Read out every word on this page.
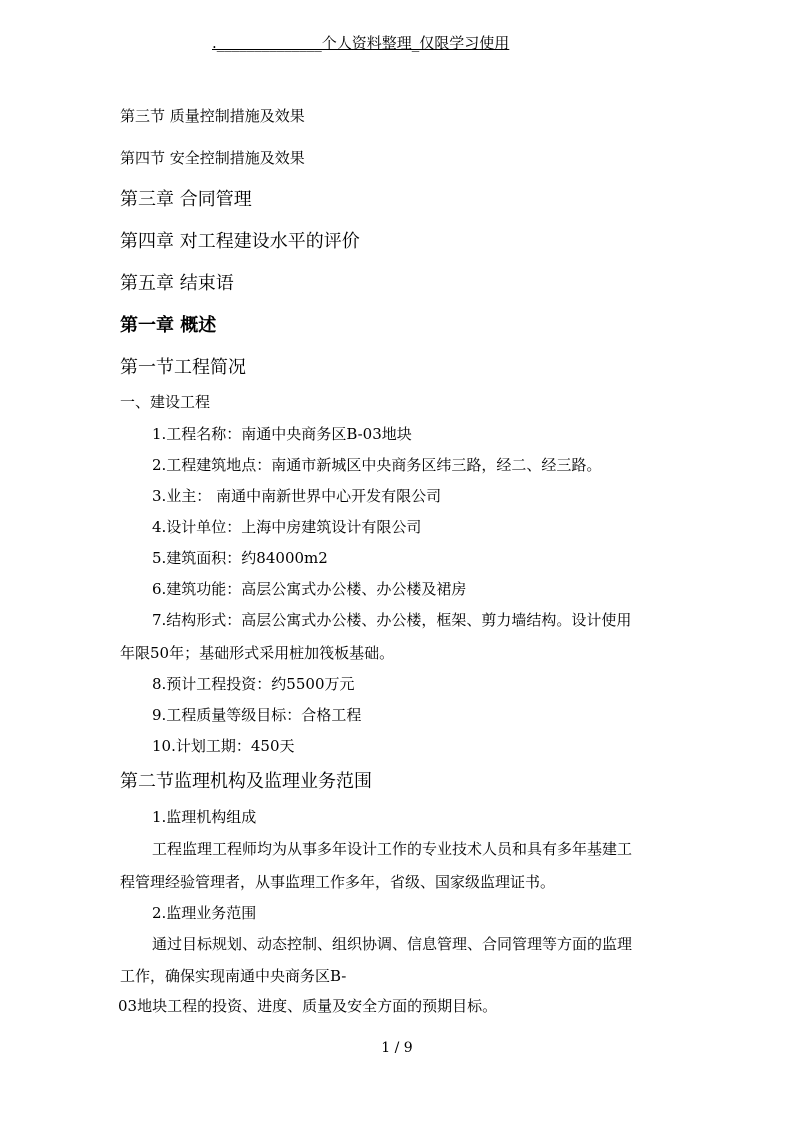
.______________个人资料整理_仅限学习使用
第三节 质量控制措施及效果
第四节 安全控制措施及效果
第三章 合同管理
第四章 对工程建设水平的评价
第五章 结束语
第一章 概述
第一节工程简况
一、建设工程
1.工程名称：南通中央商务区B-03地块
2.工程建筑地点：南通市新城区中央商务区纬三路，经二、经三路。
3.业主： 南通中南新世界中心开发有限公司
4.设计单位：上海中房建筑设计有限公司
5.建筑面积：约84000m2
6.建筑功能：高层公寓式办公楼、办公楼及裙房
7.结构形式：高层公寓式办公楼、办公楼，框架、剪力墙结构。设计使用
年限50年；基础形式采用桩加筏板基础。
8.预计工程投资：约5500万元
9.工程质量等级目标：合格工程
10.计划工期：450天
第二节监理机构及监理业务范围
1.监理机构组成
工程监理工程师均为从事多年设计工作的专业技术人员和具有多年基建工
程管理经验管理者，从事监理工作多年，省级、国家级监理证书。
2.监理业务范围
通过目标规划、动态控制、组织协调、信息管理、合同管理等方面的监理
工作，确保实现南通中央商务区B-
03地块工程的投资、进度、质量及安全方面的预期目标。
1 / 9
